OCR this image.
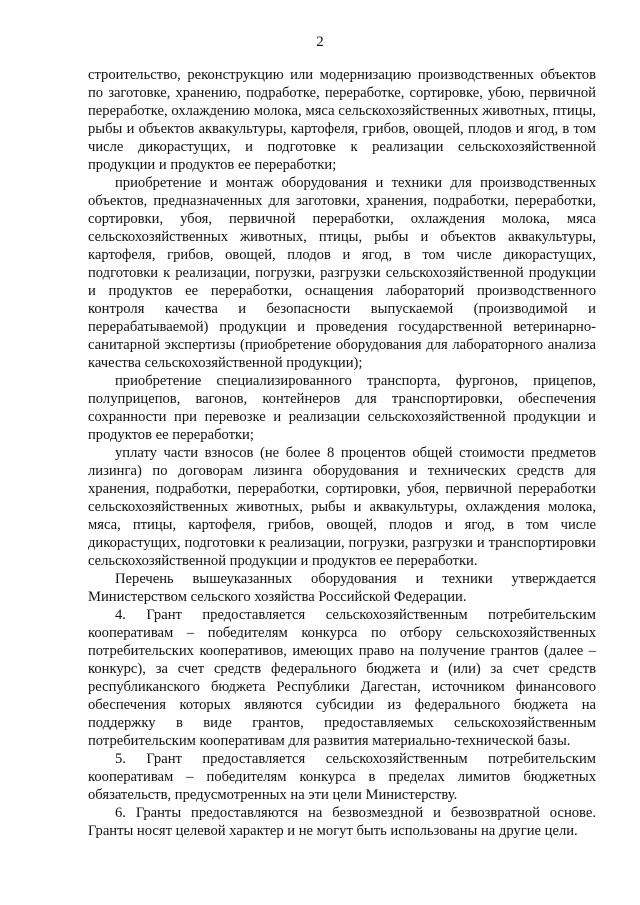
2

строительство, реконструкцию или модернизацию производственных объектов по заготовке, хранению, подработке, переработке, сортировке, убою, первичной переработке, охлаждению молока, мяса сельскохозяйственных животных, птицы, рыбы и объектов аквакультуры, картофеля, грибов, овощей, плодов и ягод, в том числе дикорастущих, и подготовке к реализации сельскохозяйственной продукции и продуктов ее переработки;

приобретение и монтаж оборудования и техники для производственных объектов, предназначенных для заготовки, хранения, подработки, переработки, сортировки, убоя, первичной переработки, охлаждения молока, мяса сельскохозяйственных животных, птицы, рыбы и объектов аквакультуры, картофеля, грибов, овощей, плодов и ягод, в том числе дикорастущих, подготовки к реализации, погрузки, разгрузки сельскохозяйственной продукции и продуктов ее переработки, оснащения лабораторий производственного контроля качества и безопасности выпускаемой (производимой и перерабатываемой) продукции и проведения государственной ветеринарно-санитарной экспертизы (приобретение оборудования для лабораторного анализа качества сельскохозяйственной продукции);

приобретение специализированного транспорта, фургонов, прицепов, полуприцепов, вагонов, контейнеров для транспортировки, обеспечения сохранности при перевозке и реализации сельскохозяйственной продукции и продуктов ее переработки;

уплату части взносов (не более 8 процентов общей стоимости предметов лизинга) по договорам лизинга оборудования и технических средств для хранения, подработки, переработки, сортировки, убоя, первичной переработки сельскохозяйственных животных, рыбы и аквакультуры, охлаждения молока, мяса, птицы, картофеля, грибов, овощей, плодов и ягод, в том числе дикорастущих, подготовки к реализации, погрузки, разгрузки и транспортировки сельскохозяйственной продукции и продуктов ее переработки.

Перечень вышеуказанных оборудования и техники утверждается Министерством сельского хозяйства Российской Федерации.

4. Грант предоставляется сельскохозяйственным потребительским кооперативам – победителям конкурса по отбору сельскохозяйственных потребительских кооперативов, имеющих право на получение грантов (далее – конкурс), за счет средств федерального бюджета и (или) за счет средств республиканского бюджета Республики Дагестан, источником финансового обеспечения которых являются субсидии из федерального бюджета на поддержку в виде грантов, предоставляемых сельскохозяйственным потребительским кооперативам для развития материально-технической базы.

5. Грант предоставляется сельскохозяйственным потребительским кооперативам – победителям конкурса в пределах лимитов бюджетных обязательств, предусмотренных на эти цели Министерству.

6. Гранты предоставляются на безвозмездной и безвозвратной основе. Гранты носят целевой характер и не могут быть использованы на другие цели.
